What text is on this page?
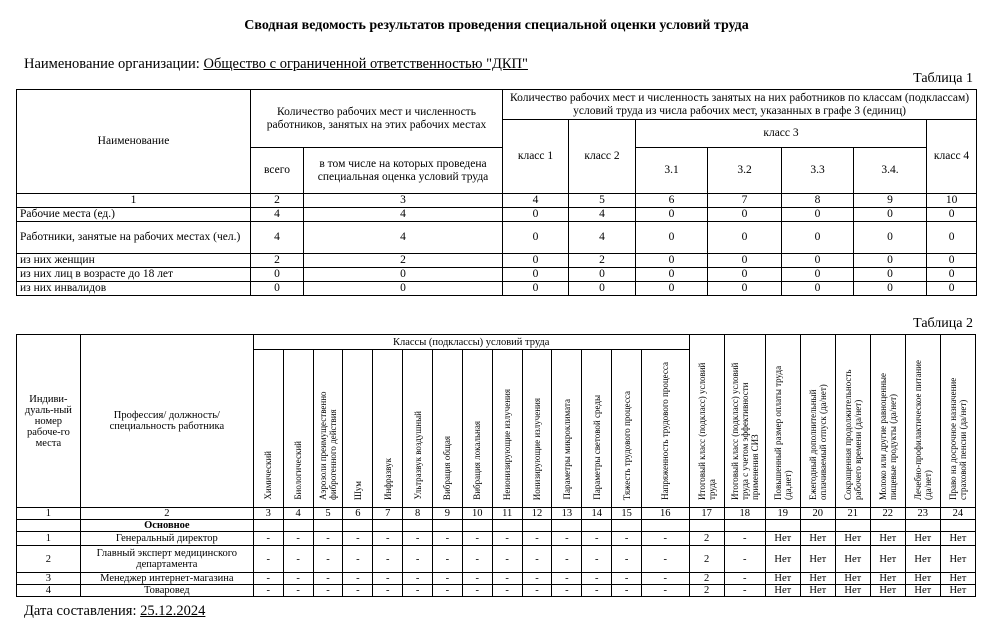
Сводная ведомость результатов проведения специальной оценки условий труда
Наименование организации: Общество с ограниченной ответственностью "ДКП"
Таблица 1
Наименование	Количество рабочих мест и численность работников, занятых на этих рабочих местах		Количество рабочих мест и численность занятых на них работников по классам (подклассам) условий труда из числа рабочих мест, указанных в графе 3 (единиц)						
			класс 1	класс 2	класс 3				класс 4
	всего	в том числе на которых проведена специальная оценка условий труда			3.1	3.2	3.3	3.4.	
1	2	3	4	5	6	7	8	9	10
Рабочие места (ед.)	4	4	0	4	0	0	0	0	0
Работники, занятые на рабочих местах (чел.)	4	4	0	4	0	0	0	0	0
из них женщин	2	2	0	2	0	0	0	0	0
из них лиц в возрасте до 18 лет	0	0	0	0	0	0	0	0	0
из них инвалидов	0	0	0	0	0	0	0	0	0
Таблица 2
Индиви-дуаль-ный номер рабоче-го места	Профессия/ должность/ специальность работника	Классы (подклассы) условий труда														Итоговый класс (подкласс) условий труда	Итоговый класс (подкласс) условий труда с учетом эффективности применения СИЗ	Повышенный размер оплаты труда (да,нет)	Ежегодный дополнительный оплачиваемый отпуск (да/нет)	Сокращенная продолжительность рабочего времени (да/нет)	Молоко или другие равноценные пищевые продукты (да/нет)	Лечебно-профилактическое питание (да/нет)	Право на досрочное назначение страховой пенсии (да/нет)
		Химический	Биологический	Аэрозоли преимущественно фиброгенного действия	Шум	Инфразвук	Ультразвук воздушный	Вибрация общая	Вибрация локальная	Неионизирующие излучения	Ионизирующие излучения	Параметры микроклимата	Параметры световой среды	Тяжесть трудового процесса	Напряженность трудового процесса								
1	2	3	4	5	6	7	8	9	10	11	12	13	14	15	16	17	18	19	20	21	22	23	24
	Основное																						
1	Генеральный директор	-	-	-	-	-	-	-	-	-	-	-	-	-	-	2	-	Нет	Нет	Нет	Нет	Нет	Нет
2	Главный эксперт медицинского департамента	-	-	-	-	-	-	-	-	-	-	-	-	-	-	2	-	Нет	Нет	Нет	Нет	Нет	Нет
3	Менеджер интернет-магазина	-	-	-	-	-	-	-	-	-	-	-	-	-	-	2	-	Нет	Нет	Нет	Нет	Нет	Нет
4	Товаровед	-	-	-	-	-	-	-	-	-	-	-	-	-	-	2	-	Нет	Нет	Нет	Нет	Нет	Нет
Дата составления: 25.12.2024
